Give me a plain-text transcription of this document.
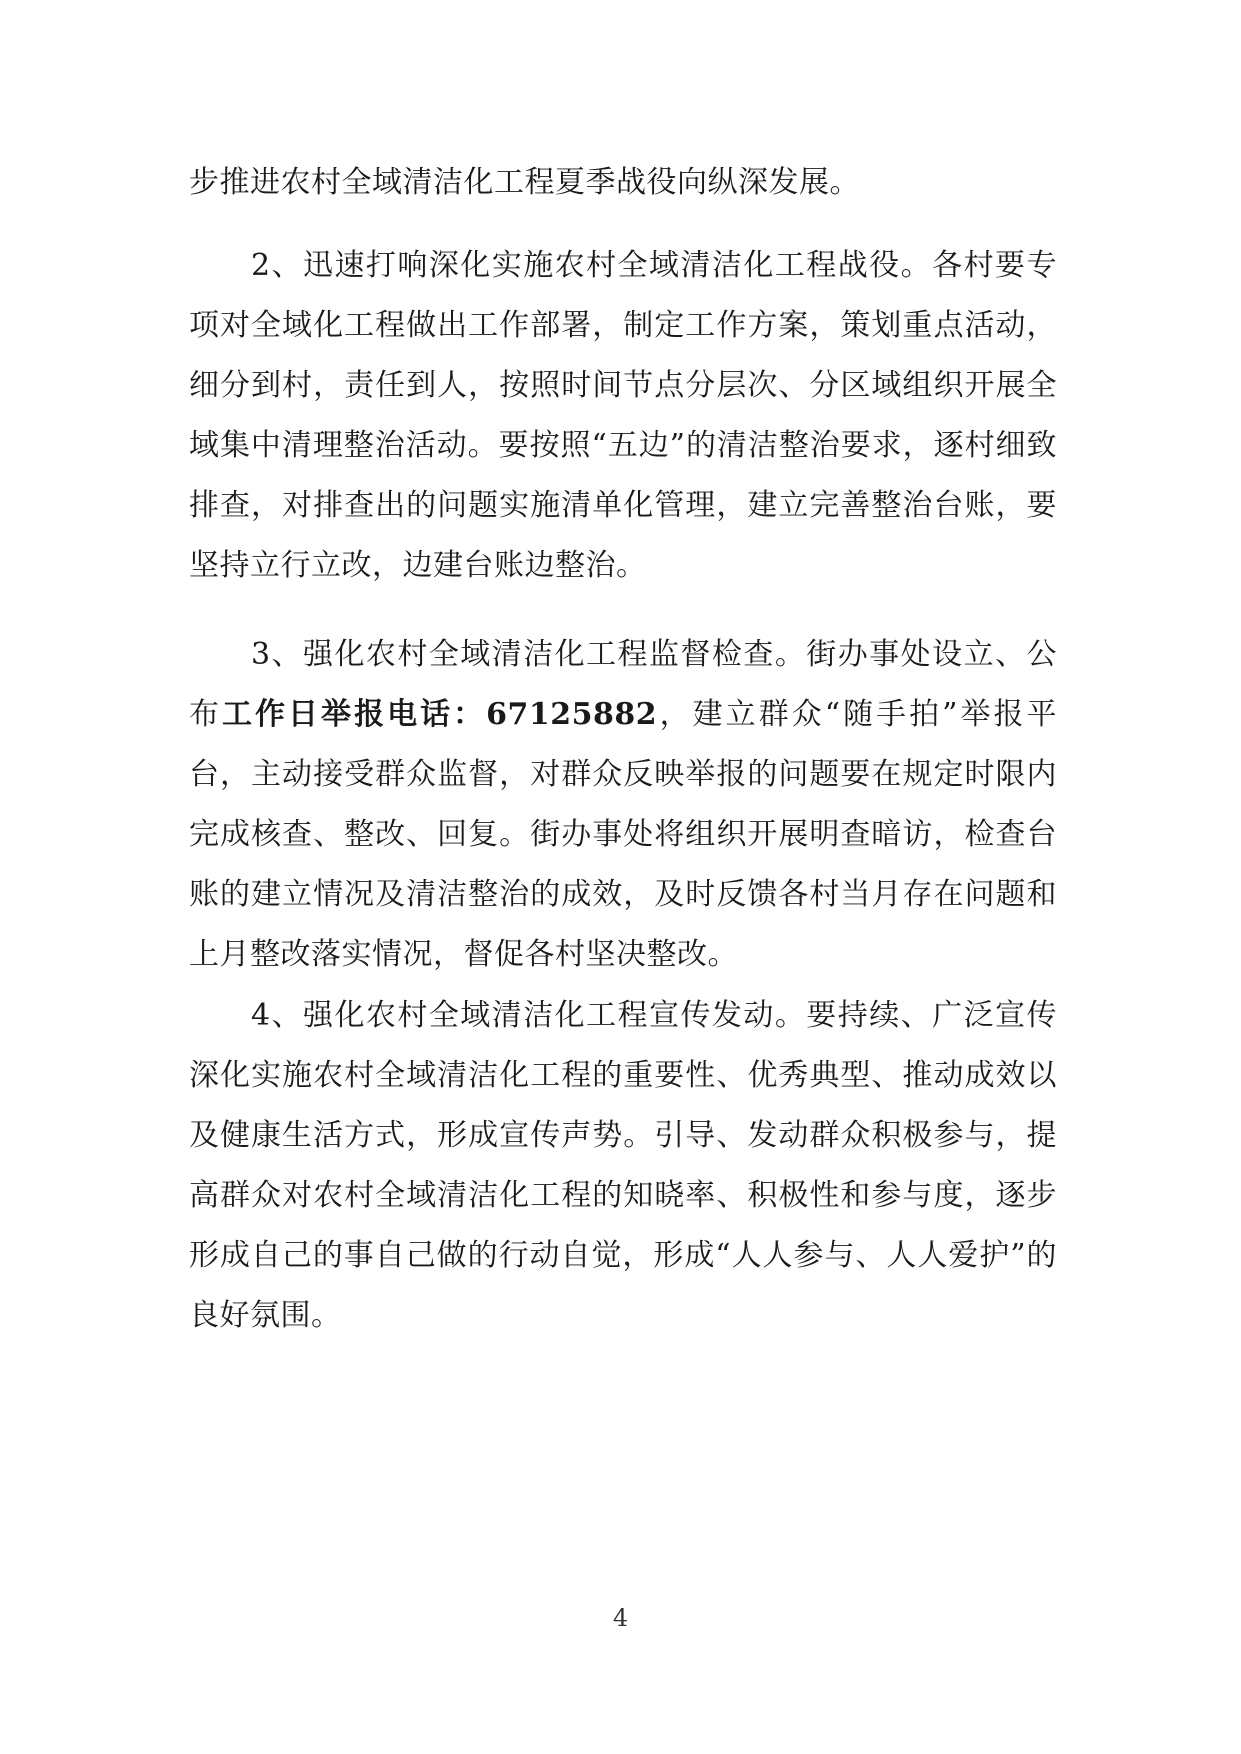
步推进农村全域清洁化工程夏季战役向纵深发展。

2、迅速打响深化实施农村全域清洁化工程战役。各村要专项对全域化工程做出工作部署，制定工作方案，策划重点活动，细分到村，责任到人，按照时间节点分层次、分区域组织开展全域集中清理整治活动。要按照“五边”的清洁整治要求，逐村细致排查，对排查出的问题实施清单化管理，建立完善整治台账，要坚持立行立改，边建台账边整治。

3、强化农村全域清洁化工程监督检查。街办事处设立、公布工作日举报电话：67125882，建立群众“随手拍”举报平台，主动接受群众监督，对群众反映举报的问题要在规定时限内完成核查、整改、回复。街办事处将组织开展明查暗访，检查台账的建立情况及清洁整治的成效，及时反馈各村当月存在问题和上月整改落实情况，督促各村坚决整改。

4、强化农村全域清洁化工程宣传发动。要持续、广泛宣传深化实施农村全域清洁化工程的重要性、优秀典型、推动成效以及健康生活方式，形成宣传声势。引导、发动群众积极参与，提高群众对农村全域清洁化工程的知晓率、积极性和参与度，逐步形成自己的事自己做的行动自觉，形成“人人参与、人人爱护”的良好氛围。

4
